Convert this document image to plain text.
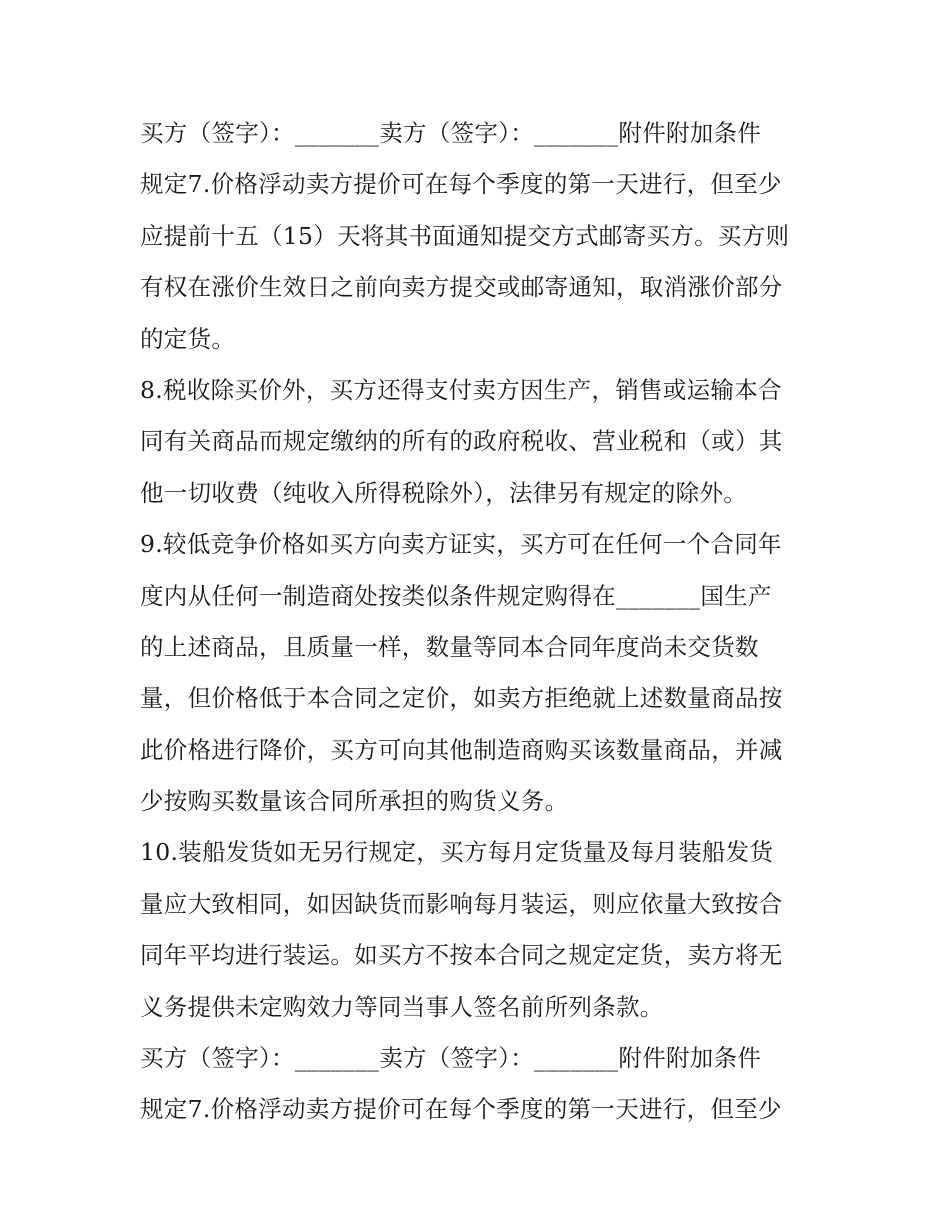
买方（签字）：_______卖方（签字）：_______附件附加条件
规定7.价格浮动卖方提价可在每个季度的第一天进行，但至少
应提前十五（15）天将其书面通知提交方式邮寄买方。买方则
有权在涨价生效日之前向卖方提交或邮寄通知，取消涨价部分
的定货。
8.税收除买价外，买方还得支付卖方因生产，销售或运输本合
同有关商品而规定缴纳的所有的政府税收、营业税和（或）其
他一切收费（纯收入所得税除外），法律另有规定的除外。
9.较低竞争价格如买方向卖方证实，买方可在任何一个合同年
度内从任何一制造商处按类似条件规定购得在_______国生产
的上述商品，且质量一样，数量等同本合同年度尚未交货数
量，但价格低于本合同之定价，如卖方拒绝就上述数量商品按
此价格进行降价，买方可向其他制造商购买该数量商品，并减
少按购买数量该合同所承担的购货义务。
10.装船发货如无另行规定，买方每月定货量及每月装船发货
量应大致相同，如因缺货而影响每月装运，则应依量大致按合
同年平均进行装运。如买方不按本合同之规定定货，卖方将无
义务提供未定购效力等同当事人签名前所列条款。
买方（签字）：_______卖方（签字）：_______附件附加条件
规定7.价格浮动卖方提价可在每个季度的第一天进行，但至少
